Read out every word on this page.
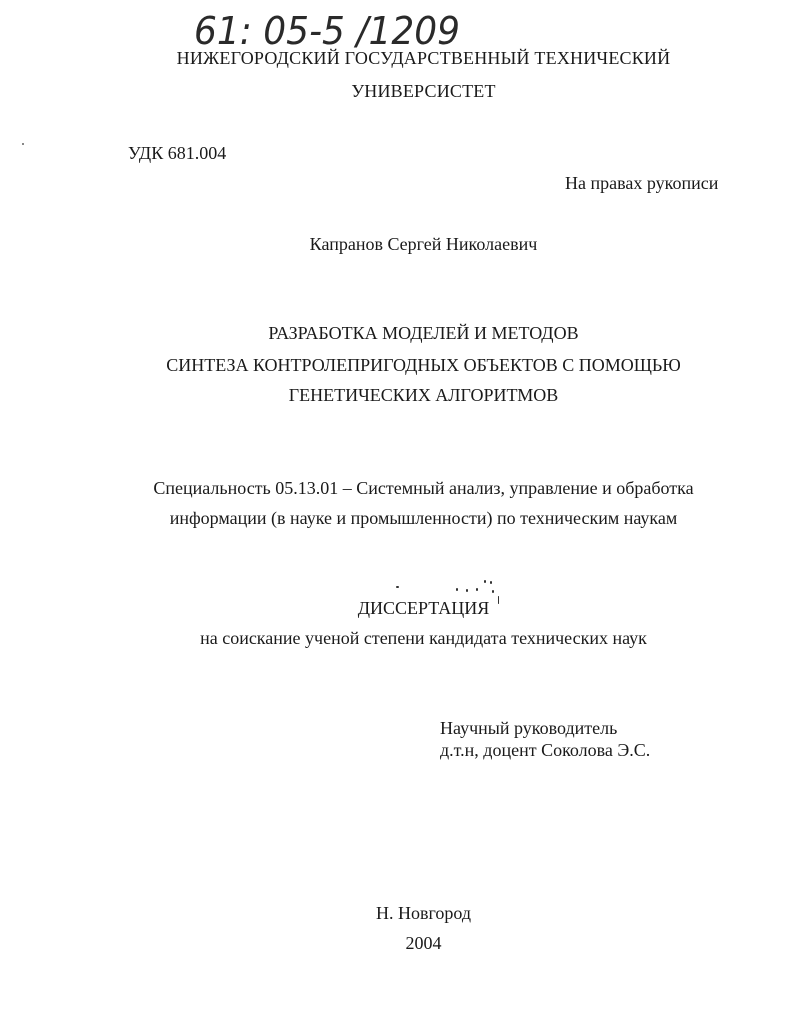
61: 05-5 /1209
НИЖЕГОРОДСКИЙ ГОСУДАРСТВЕННЫЙ ТЕХНИЧЕСКИЙ
УНИВЕРСИСТЕТ
УДК 681.004
На правах рукописи
Капранов Сергей Николаевич
РАЗРАБОТКА МОДЕЛЕЙ И МЕТОДОВ
СИНТЕЗА КОНТРОЛЕПРИГОДНЫХ ОБЪЕКТОВ С ПОМОЩЬЮ
ГЕНЕТИЧЕСКИХ АЛГОРИТМОВ
Специальность 05.13.01 – Системный анализ, управление и обработка
информации (в науке и промышленности) по техническим наукам
ДИССЕРТАЦИЯ
на соискание ученой степени кандидата технических наук
Научный руководитель
д.т.н, доцент Соколова Э.С.
Н. Новгород
2004
